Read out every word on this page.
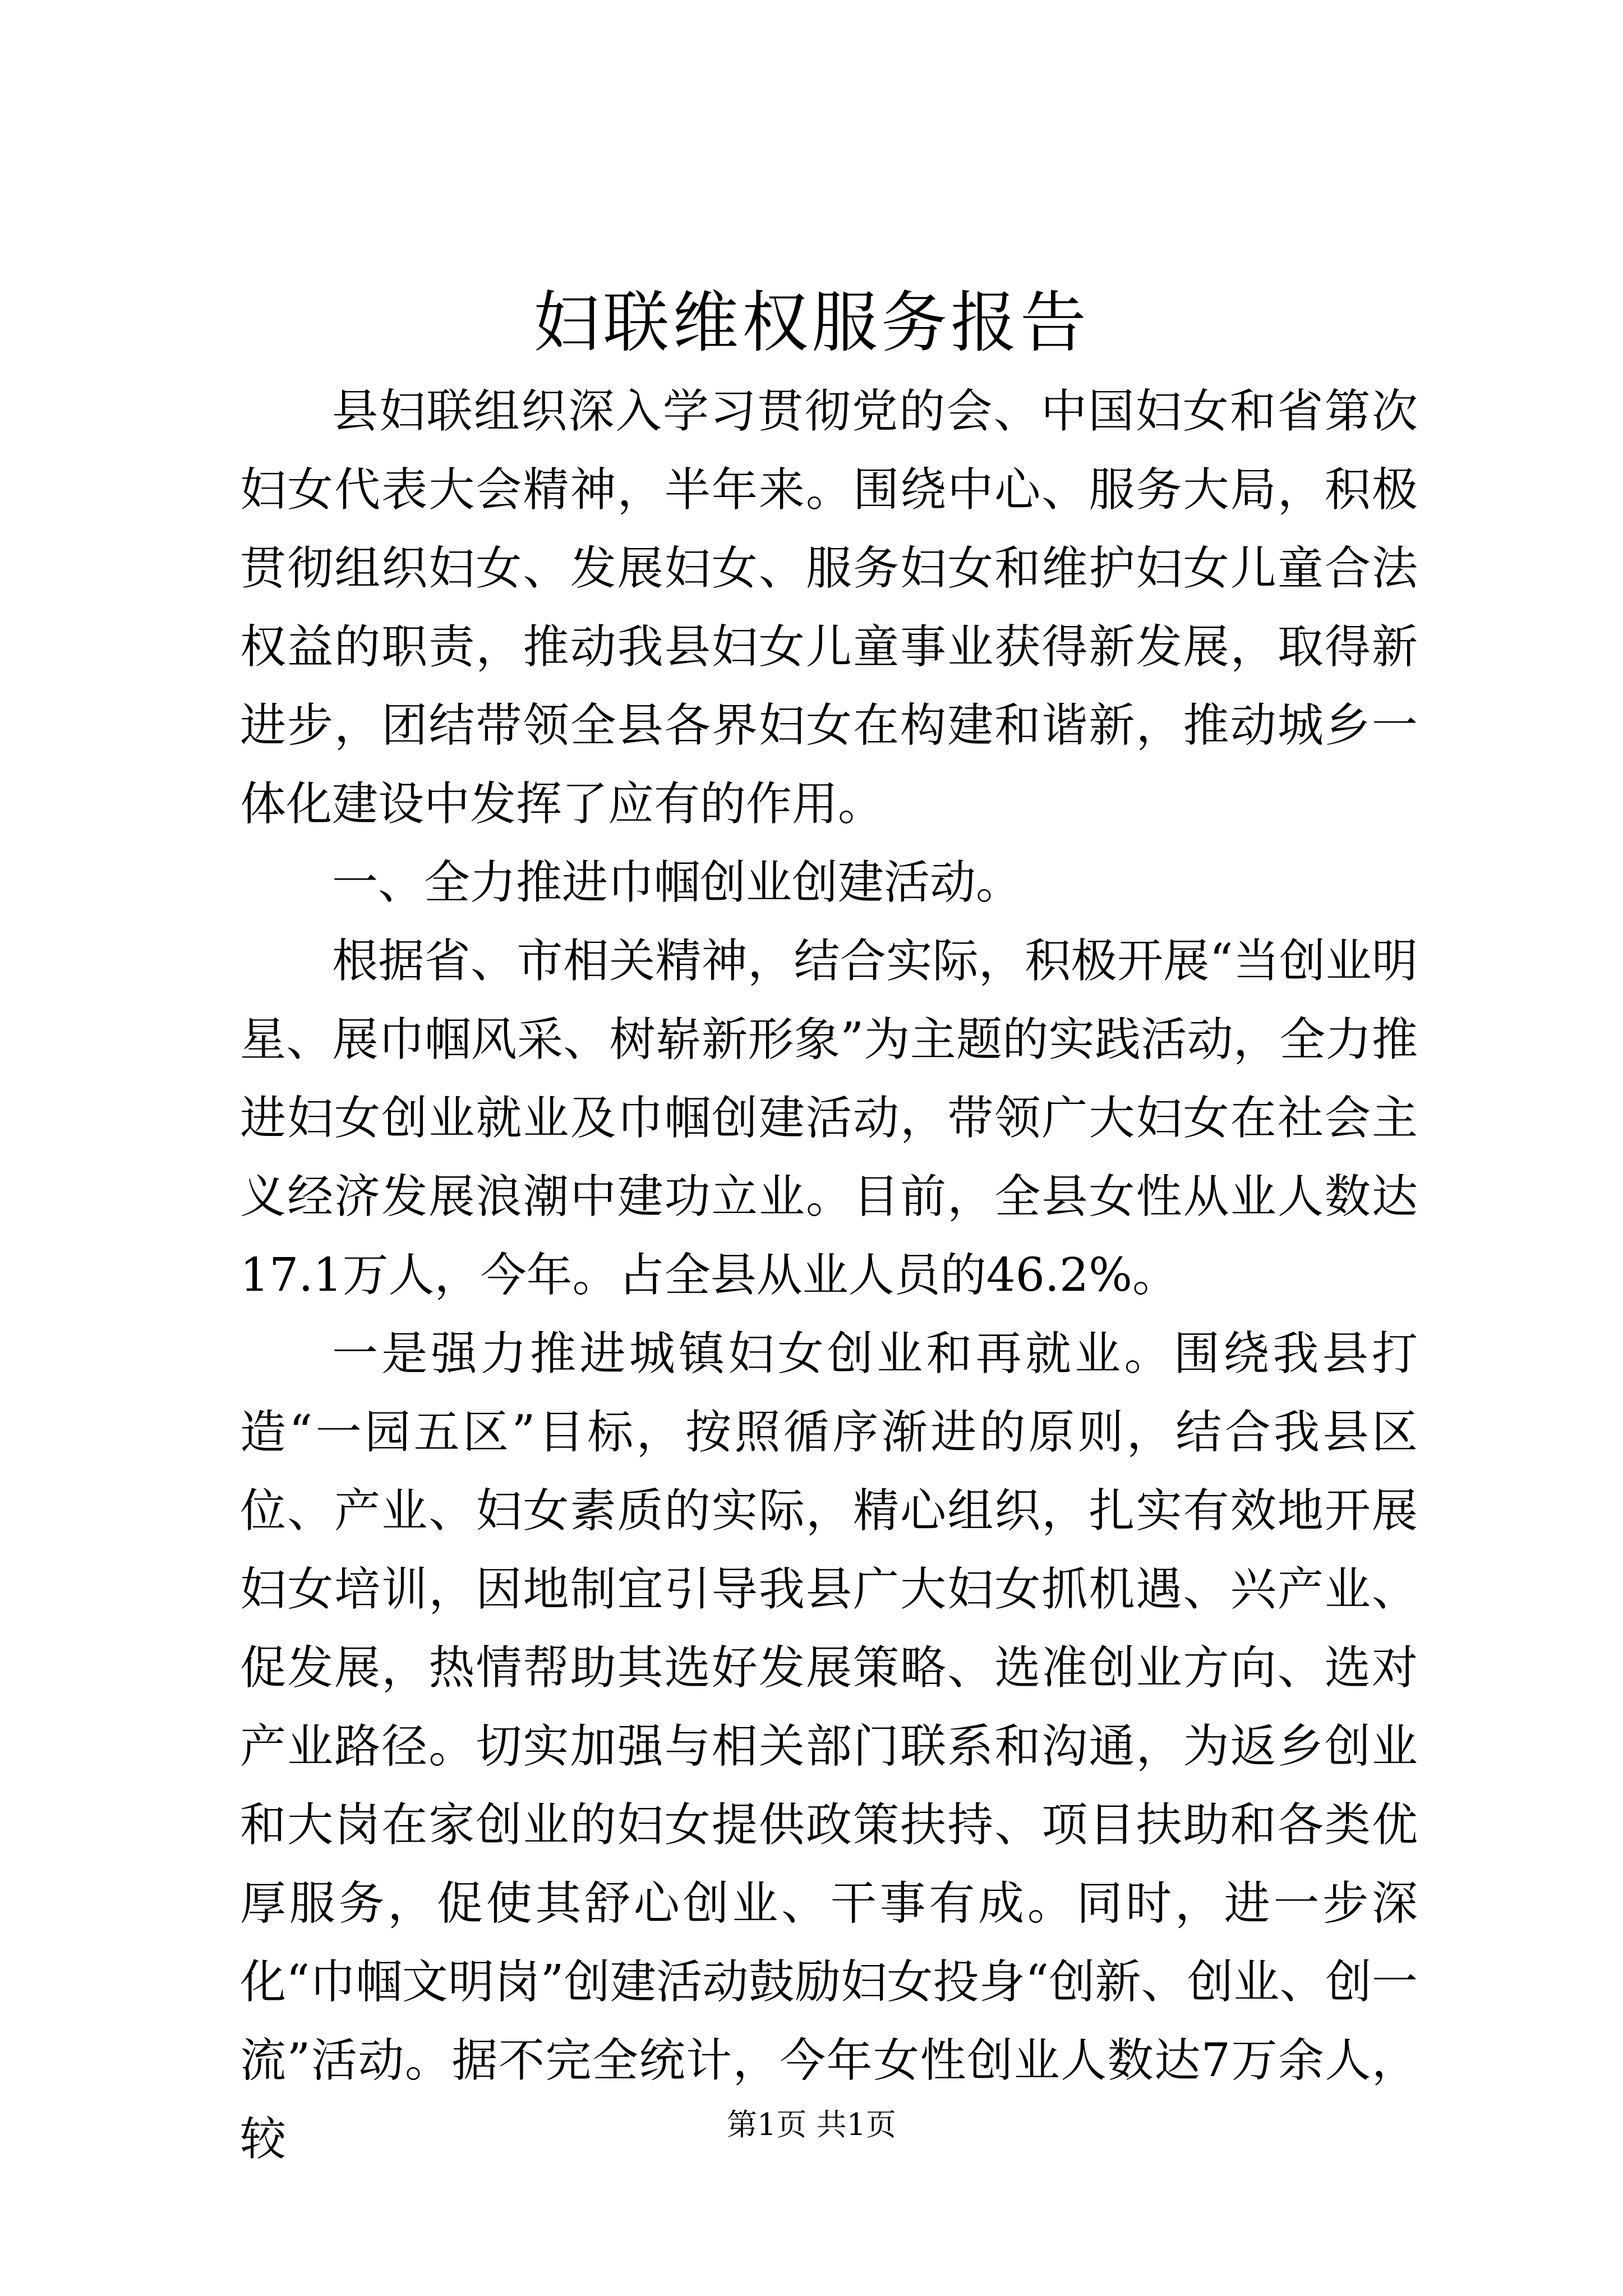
妇联维权服务报告

县妇联组织深入学习贯彻党的会、中国妇女和省第次妇女代表大会精神，半年来。围绕中心、服务大局，积极贯彻组织妇女、发展妇女、服务妇女和维护妇女儿童合法权益的职责，推动我县妇女儿童事业获得新发展，取得新进步，团结带领全县各界妇女在构建和谐新，推动城乡一体化建设中发挥了应有的作用。

一、全力推进巾帼创业创建活动。

根据省、市相关精神，结合实际，积极开展“当创业明星、展巾帼风采、树崭新形象”为主题的实践活动，全力推进妇女创业就业及巾帼创建活动，带领广大妇女在社会主义经济发展浪潮中建功立业。目前，全县女性从业人数达17.1万人，今年。占全县从业人员的46.2%。

一是强力推进城镇妇女创业和再就业。围绕我县打造“一园五区”目标，按照循序渐进的原则，结合我县区位、产业、妇女素质的实际，精心组织，扎实有效地开展妇女培训，因地制宜引导我县广大妇女抓机遇、兴产业、促发展，热情帮助其选好发展策略、选准创业方向、选对产业路径。切实加强与相关部门联系和沟通，为返乡创业和大岗在家创业的妇女提供政策扶持、项目扶助和各类优厚服务，促使其舒心创业、干事有成。同时，进一步深化“巾帼文明岗”创建活动鼓励妇女投身“创新、创业、创一流”活动。据不完全统计，今年女性创业人数达7万余人，较	第1页 共1页
